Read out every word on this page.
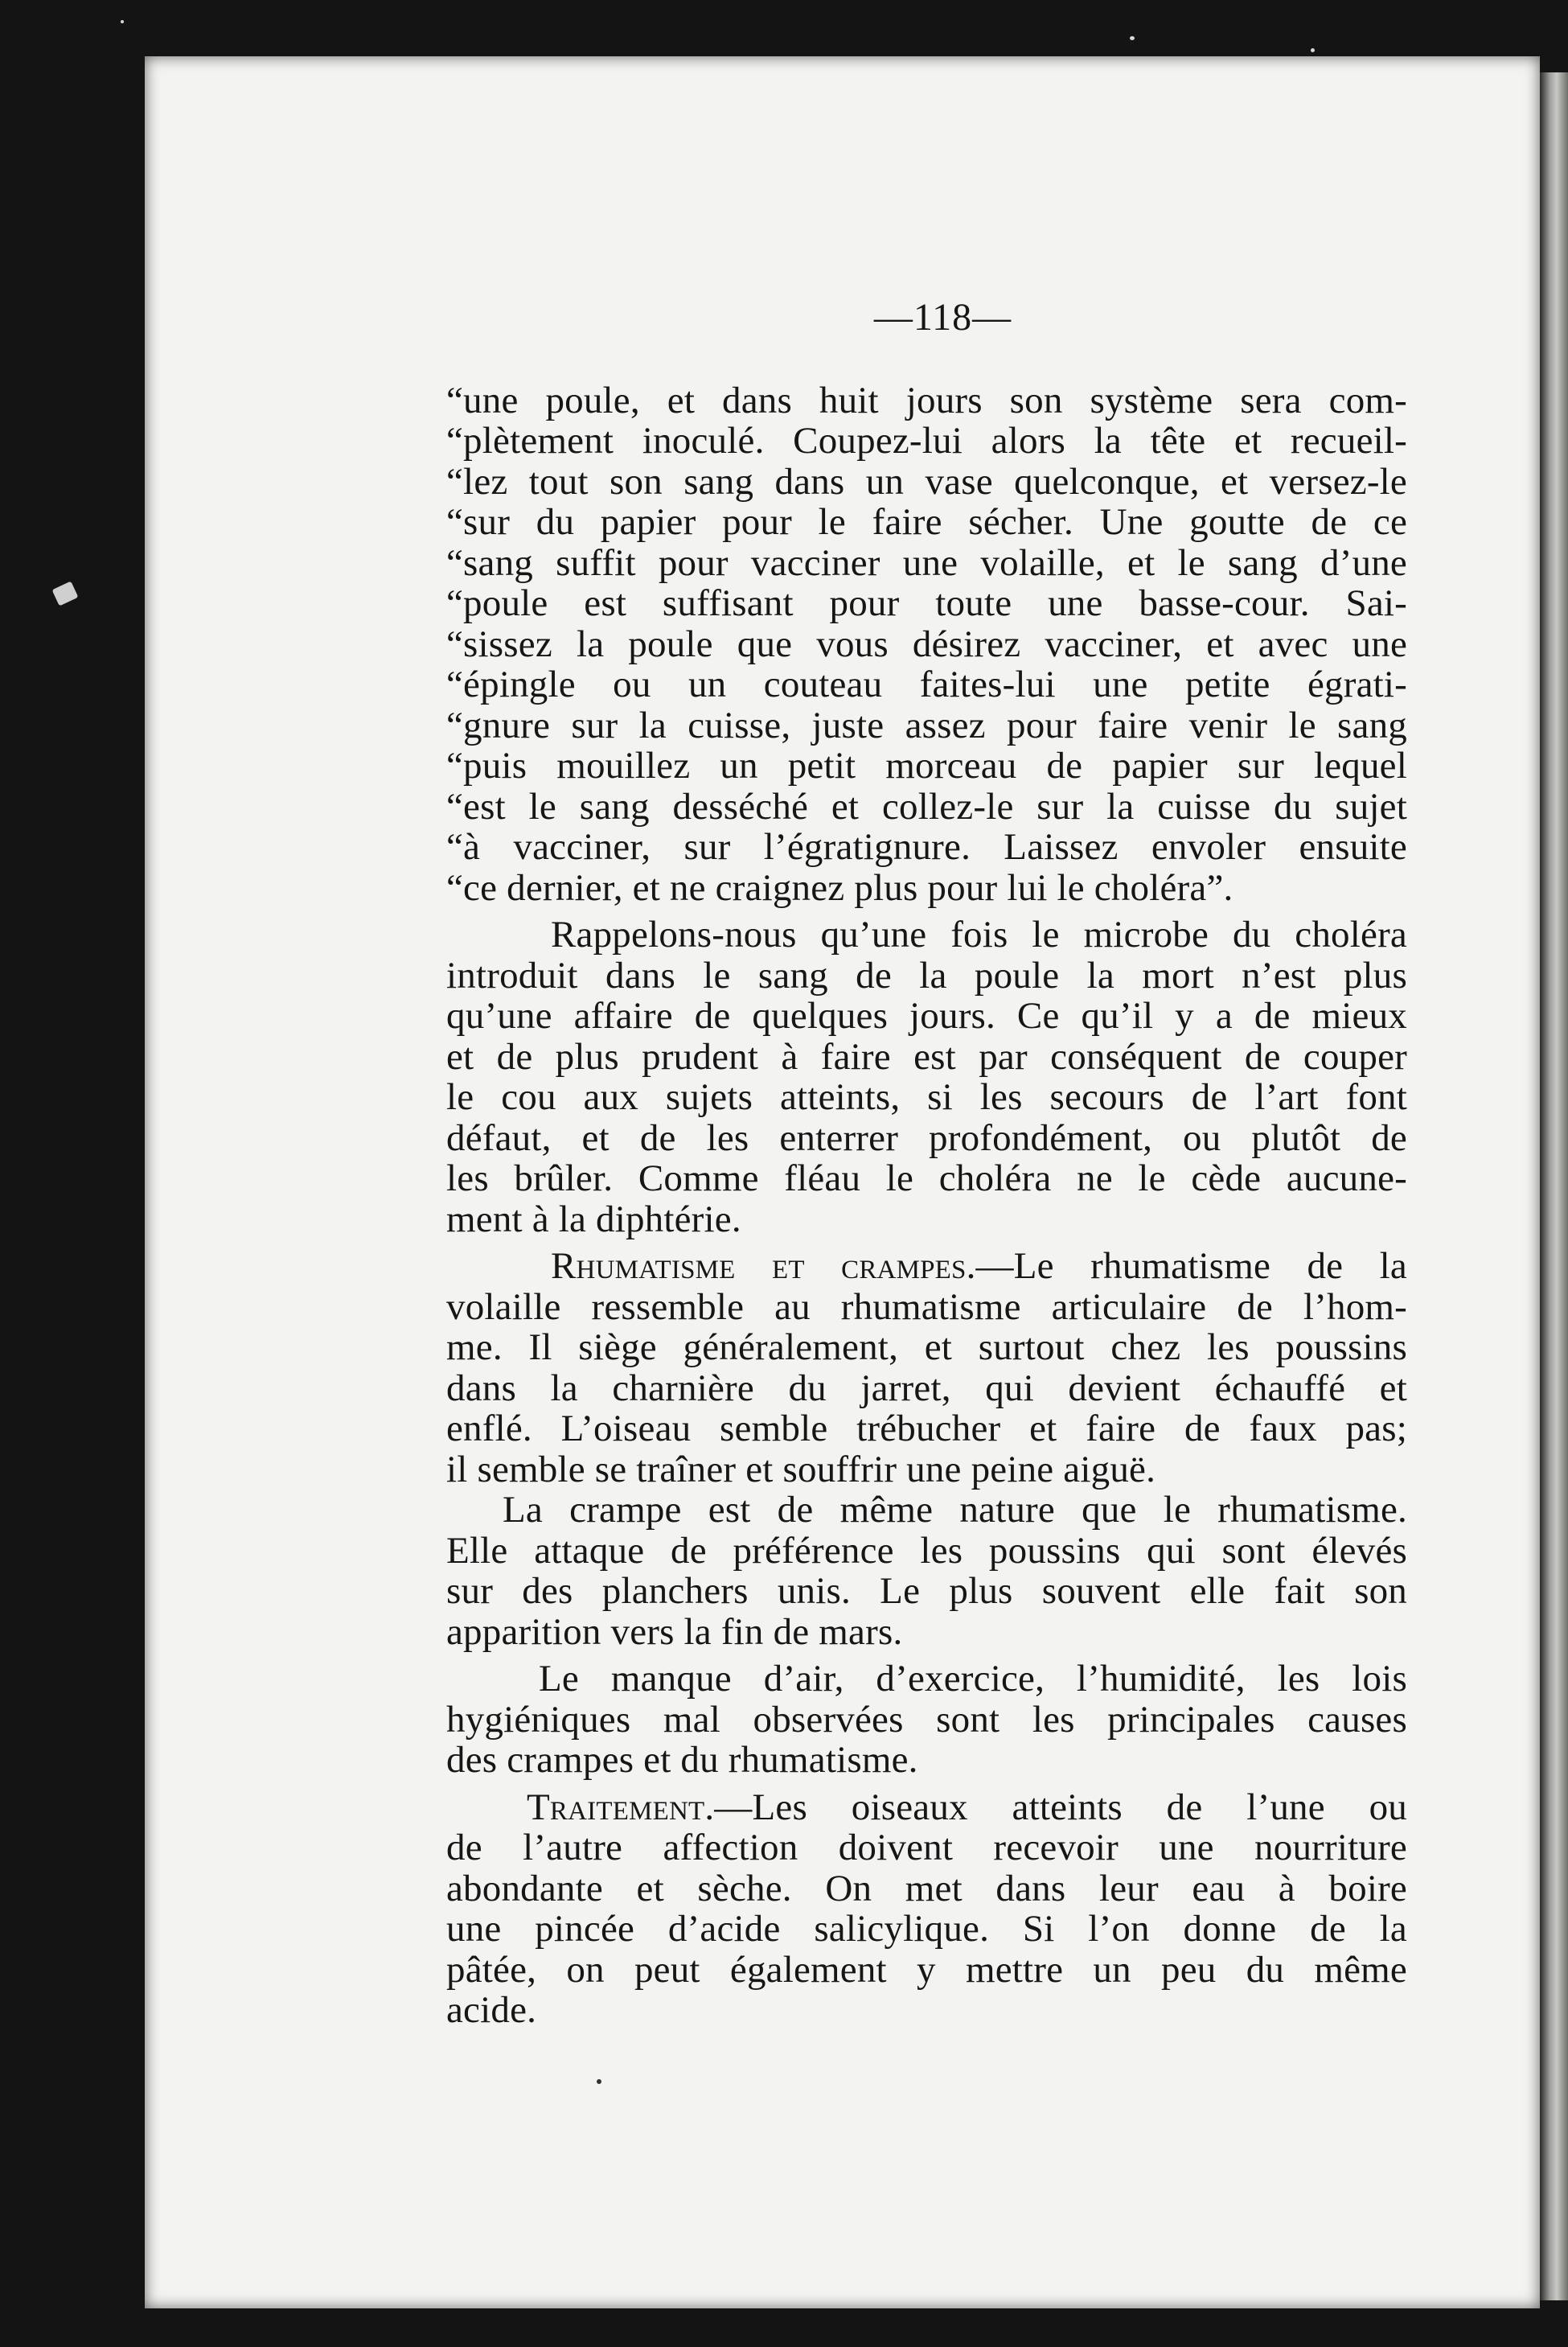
—118—
“une poule, et dans huit jours son système sera com-
“plètement inoculé. Coupez-lui alors la tête et recueil-
“lez tout son sang dans un vase quelconque, et versez-le
“sur du papier pour le faire sécher. Une goutte de ce
“sang suffit pour vacciner une volaille, et le sang d’une
“poule est suffisant pour toute une basse-cour. Sai-
“sissez la poule que vous désirez vacciner, et avec une
“épingle ou un couteau faites-lui une petite égrati-
“gnure sur la cuisse, juste assez pour faire venir le sang
“puis mouillez un petit morceau de papier sur lequel
“est le sang desséché et collez-le sur la cuisse du sujet
“à vacciner, sur l’égratignure. Laissez envoler ensuite
“ce dernier, et ne craignez plus pour lui le choléra”.
Rappelons-nous qu’une fois le microbe du choléra
introduit dans le sang de la poule la mort n’est plus
qu’une affaire de quelques jours. Ce qu’il y a de mieux
et de plus prudent à faire est par conséquent de couper
le cou aux sujets atteints, si les secours de l’art font
défaut, et de les enterrer profondément, ou plutôt de
les brûler. Comme fléau le choléra ne le cède aucune-
ment à la diphtérie.
Rhumatisme et crampes.—Le rhumatisme de la
volaille ressemble au rhumatisme articulaire de l’hom-
me. Il siège généralement, et surtout chez les poussins
dans la charnière du jarret, qui devient échauffé et
enflé. L’oiseau semble trébucher et faire de faux pas;
il semble se traîner et souffrir une peine aiguë.
La crampe est de même nature que le rhumatisme.
Elle attaque de préférence les poussins qui sont élevés
sur des planchers unis. Le plus souvent elle fait son
apparition vers la fin de mars.
Le manque d’air, d’exercice, l’humidité, les lois
hygiéniques mal observées sont les principales causes
des crampes et du rhumatisme.
Traitement.—Les oiseaux atteints de l’une ou
de l’autre affection doivent recevoir une nourriture
abondante et sèche. On met dans leur eau à boire
une pincée d’acide salicylique. Si l’on donne de la
pâtée, on peut également y mettre un peu du même
acide.
